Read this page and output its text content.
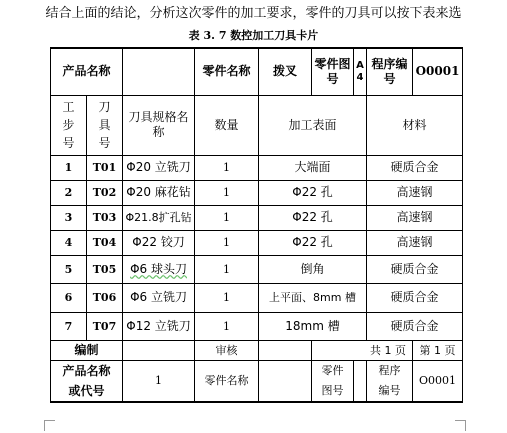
结合上面的结论，分析这次零件的加工要求，零件的刀具可以按下表来选
表 3. 7 数控加工刀具卡片
产品名称			零件名称	拨叉	零件图号	A4	程序编号	O0001
工步号	刀具号	刀具规格名称	数量	加工表面			材料	
1	T01	Φ20 立铣刀	1	大端面			硬质合金	
2	T02	Φ20 麻花钻	1	Φ22 孔			高速钢	
3	T03	Φ21.8扩孔钻	1	Φ22 孔			高速钢	
4	T04	Φ22 铰刀	1	Φ22 孔			高速钢	
5	T05	Φ6 球头刀	1	倒角			硬质合金	
6	T06	Φ6 立铣刀	1	上平面、8mm 槽			硬质合金	
7	T07	Φ12 立铣刀	1	18mm 槽			硬质合金	
编制			审核		共 1 页			第 1 页
产品名称或代号		1	零件名称		零件图号		程序编号	O0001
